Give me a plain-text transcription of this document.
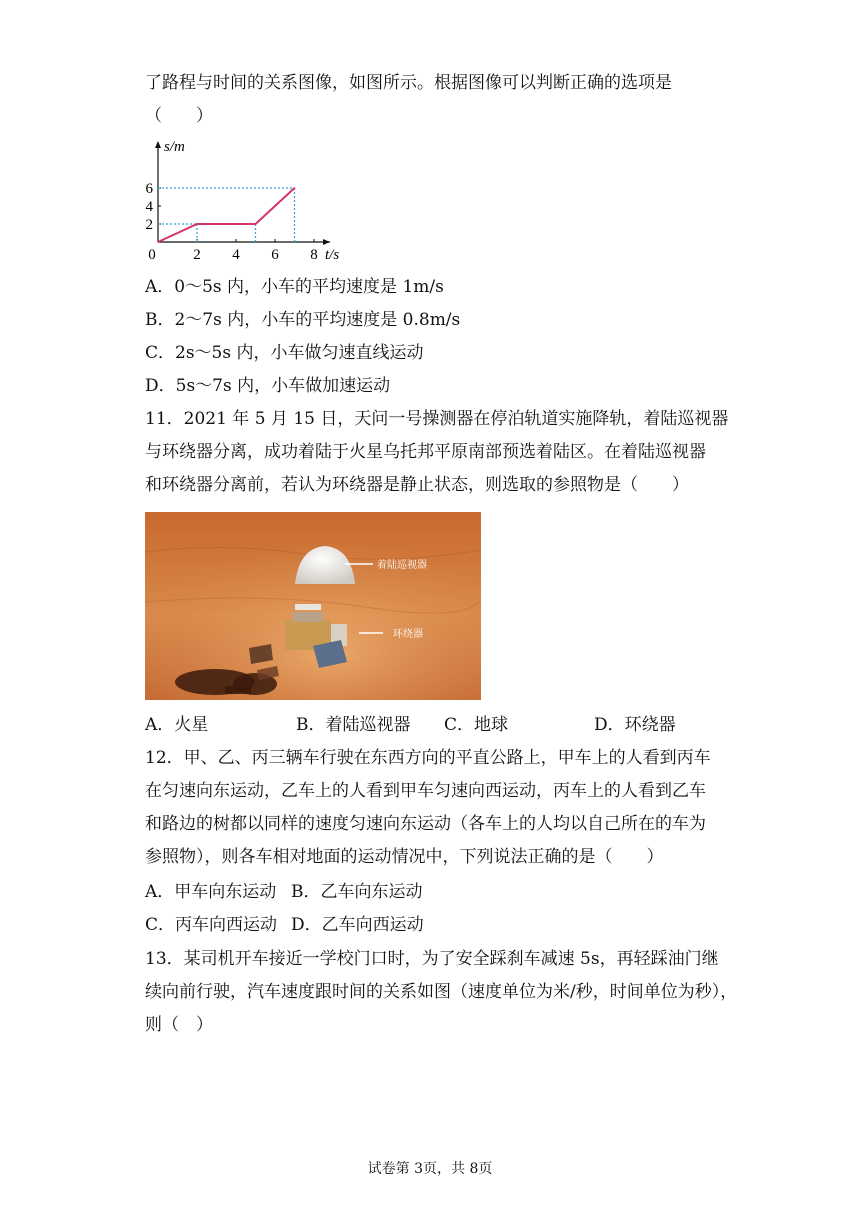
了路程与时间的关系图像，如图所示。根据图像可以判断正确的选项是
（　　）
2 4 6 8
2
4
6
0
s/m
t/s
A．0～5s 内，小车的平均速度是 1m/s
B．2～7s 内，小车的平均速度是 0.8m/s
C．2s～5s 内，小车做匀速直线运动
D．5s～7s 内，小车做加速运动
11．2021 年 5 月 15 日，天问一号操测器在停泊轨道实施降轨，着陆巡视器
与环绕器分离，成功着陆于火星乌托邦平原南部预选着陆区。在着陆巡视器
和环绕器分离前，若认为环绕器是静止状态，则选取的参照物是（　　）
着陆巡视器
环绕器
A．火星	B．着陆巡视器 C．地球	D．环绕器
12．甲、乙、丙三辆车行驶在东西方向的平直公路上，甲车上的人看到丙车
在匀速向东运动，乙车上的人看到甲车匀速向西运动，丙车上的人看到乙车
和路边的树都以同样的速度匀速向东运动（各车上的人均以自己所在的车为
参照物），则各车相对地面的运动情况中，下列说法正确的是（　　）
A．甲车向东运动 B．乙车向东运动
C．丙车向西运动 D．乙车向西运动
13．某司机开车接近一学校门口时，为了安全踩刹车减速 5s，再轻踩油门继
续向前行驶，汽车速度跟时间的关系如图（速度单位为米/秒，时间单位为秒），
则（　）
试卷第 3页，共 8页
